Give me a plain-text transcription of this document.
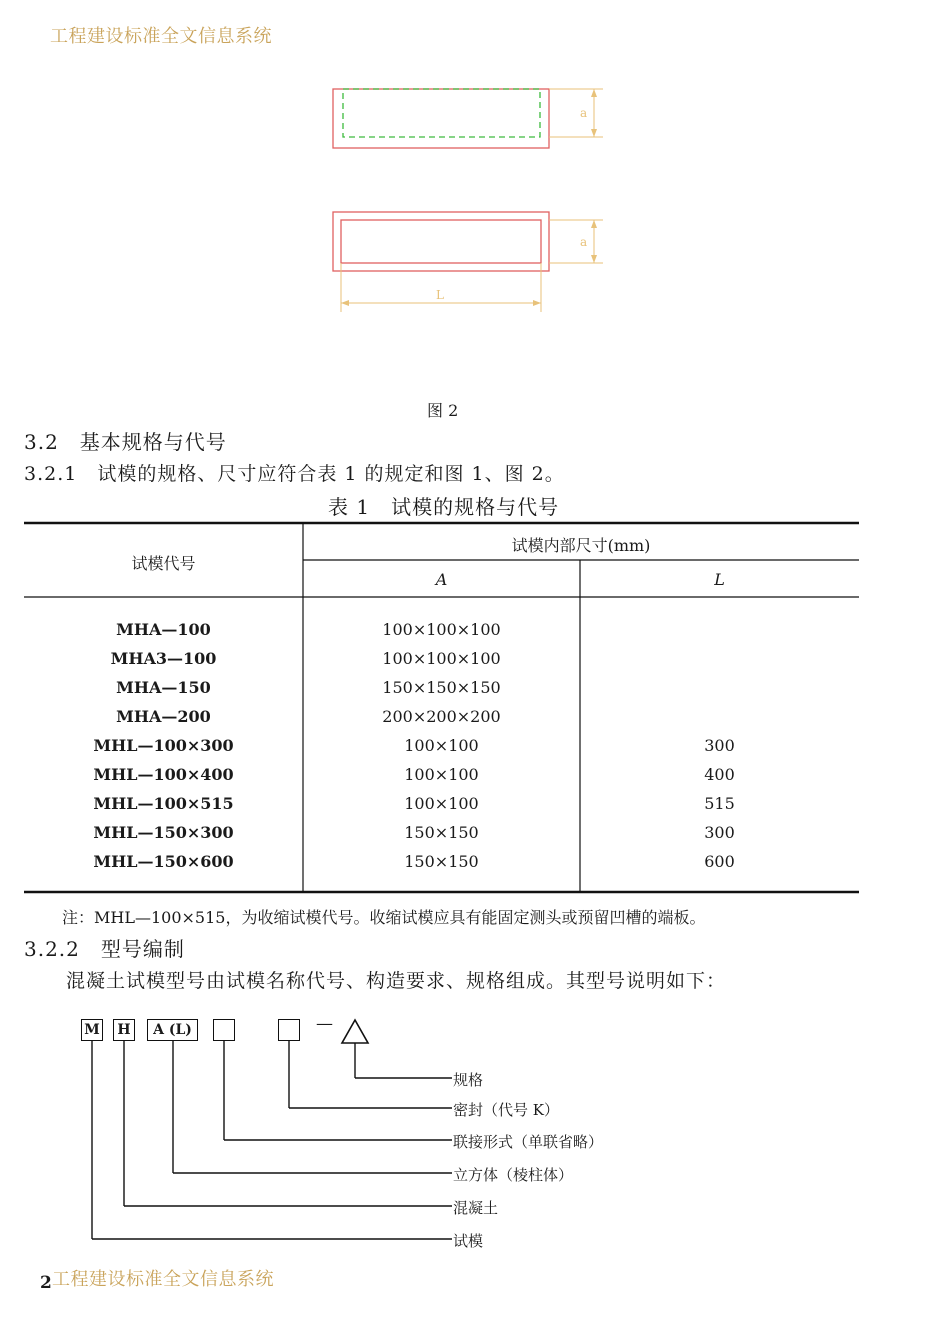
工程建设标准全文信息系统
a
a
L
图 2
3.2　基本规格与代号
3.2.1　试模的规格、尺寸应符合表 1 的规定和图 1、图 2。
表 1　试模的规格与代号
试模代号
试模内部尺寸(mm)
A	L
MHA—100	100×100×100
MHA3—100	100×100×100
MHA—150	150×150×150
MHA—200	200×200×200
MHL—100×300	100×100	300
MHL—100×400	100×100	400
MHL—100×515	100×100	515
MHL—150×300	150×150	300
MHL—150×600	150×150	600
注：MHL—100×515，为收缩试模代号。收缩试模应具有能固定测头或预留凹槽的端板。
3.2.2　型号编制
混凝土试模型号由试模名称代号、构造要求、规格组成。其型号说明如下：
M	H	A (L)	—
规格
密封（代号 K）
联接形式（单联省略）
立方体（棱柱体）
混凝土
试模
2 工程建设标准全文信息系统
